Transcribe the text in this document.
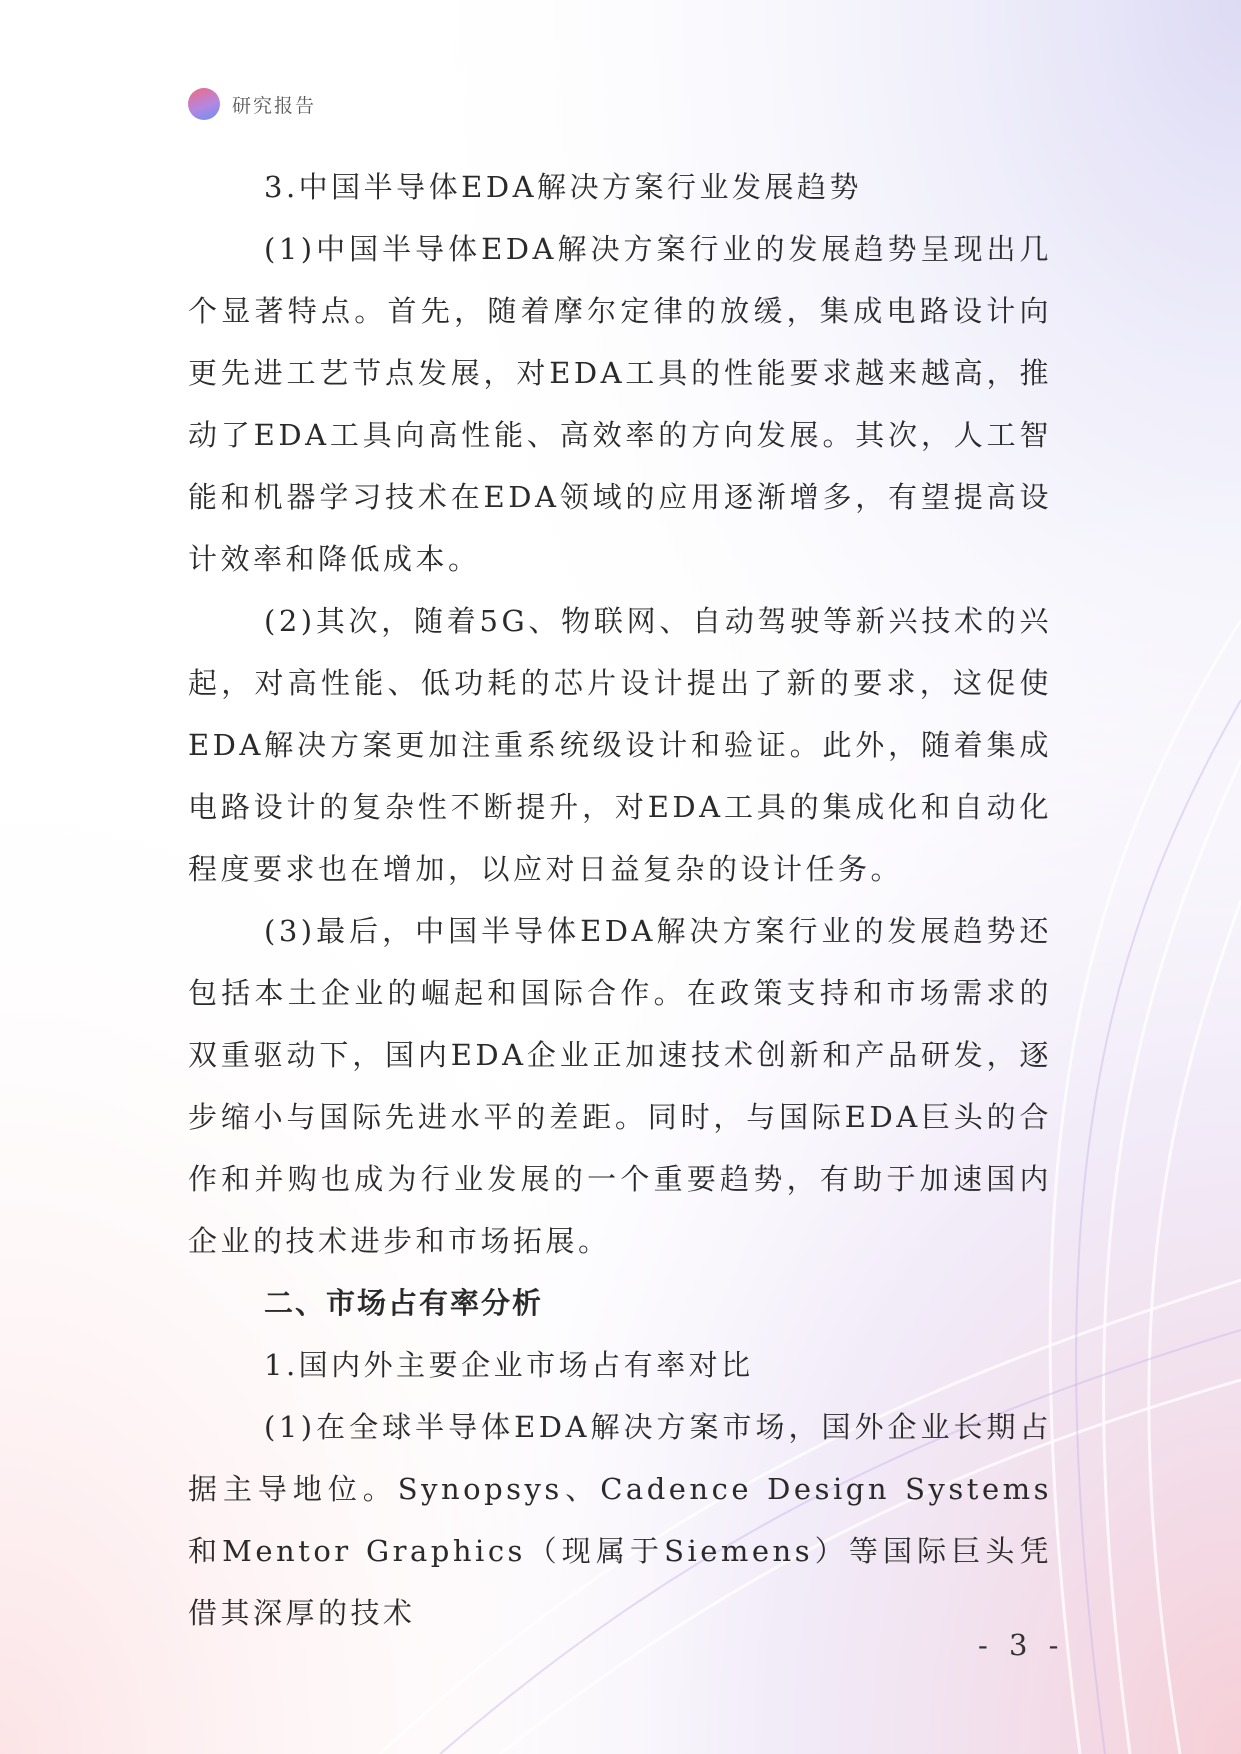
研究报告

3.中国半导体EDA解决方案行业发展趋势

(1)中国半导体EDA解决方案行业的发展趋势呈现出几个显著特点。首先，随着摩尔定律的放缓，集成电路设计向更先进工艺节点发展，对EDA工具的性能要求越来越高，推动了EDA工具向高性能、高效率的方向发展。其次，人工智能和机器学习技术在EDA领域的应用逐渐增多，有望提高设计效率和降低成本。

(2)其次，随着5G、物联网、自动驾驶等新兴技术的兴起，对高性能、低功耗的芯片设计提出了新的要求，这促使EDA解决方案更加注重系统级设计和验证。此外，随着集成电路设计的复杂性不断提升，对EDA工具的集成化和自动化程度要求也在增加，以应对日益复杂的设计任务。

(3)最后，中国半导体EDA解决方案行业的发展趋势还包括本土企业的崛起和国际合作。在政策支持和市场需求的双重驱动下，国内EDA企业正加速技术创新和产品研发，逐步缩小与国际先进水平的差距。同时，与国际EDA巨头的合作和并购也成为行业发展的一个重要趋势，有助于加速国内企业的技术进步和市场拓展。

二、市场占有率分析

1.国内外主要企业市场占有率对比

(1)在全球半导体EDA解决方案市场，国外企业长期占据主导地位。Synopsys、Cadence Design Systems和Mentor Graphics（现属于Siemens）等国际巨头凭借其深厚的技术

- 3 -
